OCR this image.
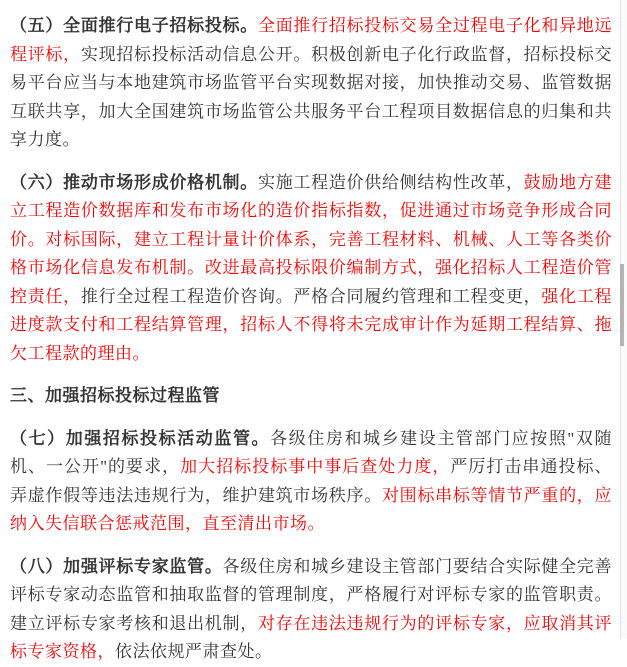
（五）全面推行电子招标投标。全面推行招标投标交易全过程电子化和异地远程评标，实现招标投标活动信息公开。积极创新电子化行政监督，招标投标交易平台应当与本地建筑市场监管平台实现数据对接，加快推动交易、监管数据互联共享，加大全国建筑市场监管公共服务平台工程项目数据信息的归集和共享力度。

（六）推动市场形成价格机制。实施工程造价供给侧结构性改革，鼓励地方建立工程造价数据库和发布市场化的造价指标指数，促进通过市场竞争形成合同价。对标国际，建立工程计量计价体系，完善工程材料、机械、人工等各类价格市场化信息发布机制。改进最高投标限价编制方式，强化招标人工程造价管控责任，推行全过程工程造价咨询。严格合同履约管理和工程变更，强化工程进度款支付和工程结算管理，招标人不得将未完成审计作为延期工程结算、拖欠工程款的理由。

三、加强招标投标过程监管

（七）加强招标投标活动监管。各级住房和城乡建设主管部门应按照"双随机、一公开"的要求，加大招标投标事中事后查处力度，严厉打击串通投标、弄虚作假等违法违规行为，维护建筑市场秩序。对围标串标等情节严重的，应纳入失信联合惩戒范围，直至清出市场。

（八）加强评标专家监管。各级住房和城乡建设主管部门要结合实际健全完善评标专家动态监管和抽取监督的管理制度，严格履行对评标专家的监管职责。建立评标专家考核和退出机制，对存在违法违规行为的评标专家，应取消其评标专家资格，依法依规严肃查处。
